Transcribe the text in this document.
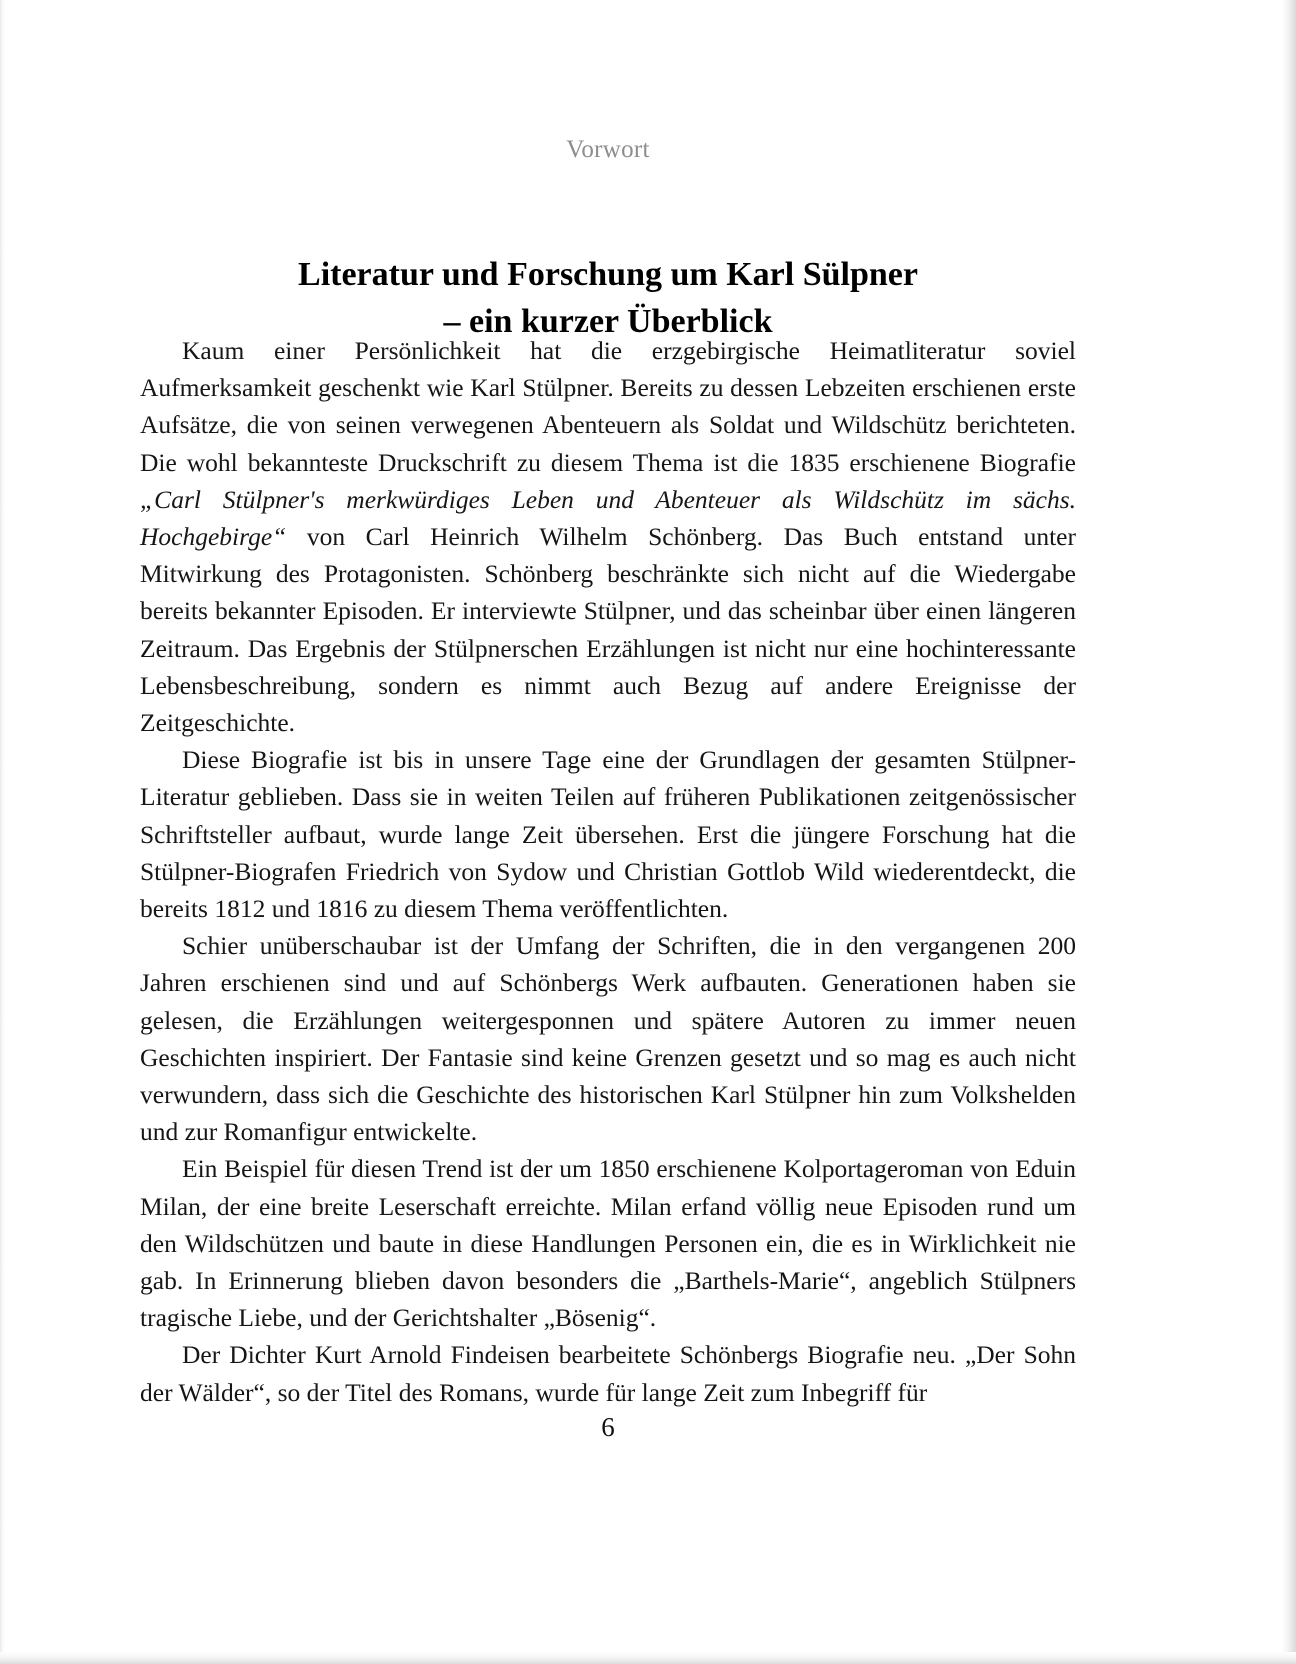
Vorwort
Literatur und Forschung um Karl Sülpner
– ein kurzer Überblick

Kaum einer Persönlichkeit hat die erzgebirgische Heimatliteratur soviel Aufmerksamkeit geschenkt wie Karl Stülpner. Bereits zu dessen Lebzeiten erschienen erste Aufsätze, die von seinen verwegenen Abenteuern als Soldat und Wildschütz berichteten. Die wohl bekannteste Druckschrift zu diesem Thema ist die 1835 erschienene Biografie „Carl Stülpner's merkwürdiges Leben und Abenteuer als Wildschütz im sächs. Hochgebirge“ von Carl Heinrich Wilhelm Schönberg. Das Buch entstand unter Mitwirkung des Protagonisten. Schönberg beschränkte sich nicht auf die Wiedergabe bereits bekannter Episoden. Er interviewte Stülpner, und das scheinbar über einen längeren Zeitraum. Das Ergebnis der Stülpnerschen Erzählungen ist nicht nur eine hochinteressante Lebensbeschreibung, sondern es nimmt auch Bezug auf andere Ereignisse der Zeitgeschichte.

Diese Biografie ist bis in unsere Tage eine der Grundlagen der gesamten Stülpner-Literatur geblieben. Dass sie in weiten Teilen auf früheren Publikationen zeitgenössischer Schriftsteller aufbaut, wurde lange Zeit übersehen. Erst die jüngere Forschung hat die Stülpner-Biografen Friedrich von Sydow und Christian Gottlob Wild wiederentdeckt, die bereits 1812 und 1816 zu diesem Thema veröffentlichten.

Schier unüberschaubar ist der Umfang der Schriften, die in den vergangenen 200 Jahren erschienen sind und auf Schönbergs Werk aufbauten. Generationen haben sie gelesen, die Erzählungen weitergesponnen und spätere Autoren zu immer neuen Geschichten inspiriert. Der Fantasie sind keine Grenzen gesetzt und so mag es auch nicht verwundern, dass sich die Geschichte des historischen Karl Stülpner hin zum Volkshelden und zur Romanfigur entwickelte.

Ein Beispiel für diesen Trend ist der um 1850 erschienene Kolportageroman von Eduin Milan, der eine breite Leserschaft erreichte. Milan erfand völlig neue Episoden rund um den Wildschützen und baute in diese Handlungen Personen ein, die es in Wirklichkeit nie gab. In Erinnerung blieben davon besonders die „Barthels-Marie“, angeblich Stülpners tragische Liebe, und der Gerichtshalter „Bösenig“.

Der Dichter Kurt Arnold Findeisen bearbeitete Schönbergs Biografie neu. „Der Sohn der Wälder“, so der Titel des Romans, wurde für lange Zeit zum Inbegriff für

6
